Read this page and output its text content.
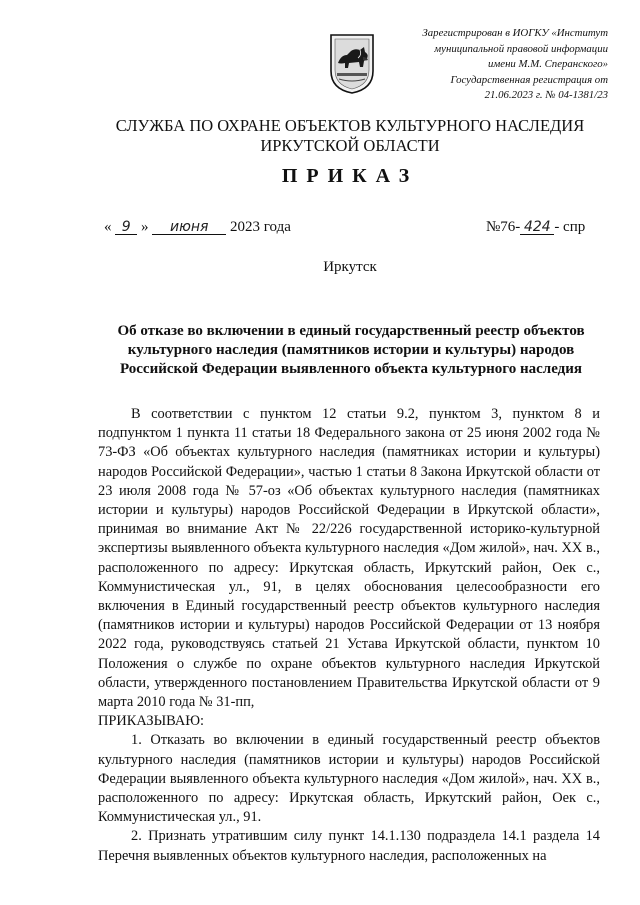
Зарегистрирован в ИОГКУ «Институт
муниципальной правовой информации
имени М.М. Сперанского»
Государственная регистрация от
21.06.2023 г. № 04-1381/23
СЛУЖБА ПО ОХРАНЕ ОБЪЕКТОВ КУЛЬТУРНОГО НАСЛЕДИЯ
ИРКУТСКОЙ ОБЛАСТИ
ПРИКАЗ
« 9 » июня 2023 года	№76- 424 - спр
Иркутск
Об отказе во включении в единый государственный реестр объектов
культурного наследия (памятников истории и культуры) народов
Российской Федерации выявленного объекта культурного наследия

В соответствии с пунктом 12 статьи 9.2, пунктом 3, пунктом 8 и подпунктом 1 пункта 11 статьи 18 Федерального закона от 25 июня 2002 года № 73-ФЗ «Об объектах культурного наследия (памятниках истории и культуры) народов Российской Федерации», частью 1 статьи 8 Закона Иркутской области от 23 июля 2008 года № 57-оз «Об объектах культурного наследия (памятниках истории и культуры) народов Российской Федерации в Иркутской области», принимая во внимание Акт № 22/226 государственной историко-культурной экспертизы выявленного объекта культурного наследия «Дом жилой», нач. XX в., расположенного по адресу: Иркутская область, Иркутский район, Оек с., Коммунистическая ул., 91, в целях обоснования целесообразности его включения в Единый государственный реестр объектов культурного наследия (памятников истории и культуры) народов Российской Федерации от 13 ноября 2022 года, руководствуясь статьей 21 Устава Иркутской области, пунктом 10 Положения о службе по охране объектов культурного наследия Иркутской области, утвержденного постановлением Правительства Иркутской области от 9 марта 2010 года № 31-пп,

ПРИКАЗЫВАЮ:

1. Отказать во включении в единый государственный реестр объектов культурного наследия (памятников истории и культуры) народов Российской Федерации выявленного объекта культурного наследия «Дом жилой», нач. XX в., расположенного по адресу: Иркутская область, Иркутский район, Оек с., Коммунистическая ул., 91.

2. Признать утратившим силу пункт 14.1.130 подраздела 14.1 раздела 14 Перечня выявленных объектов культурного наследия, расположенных на
